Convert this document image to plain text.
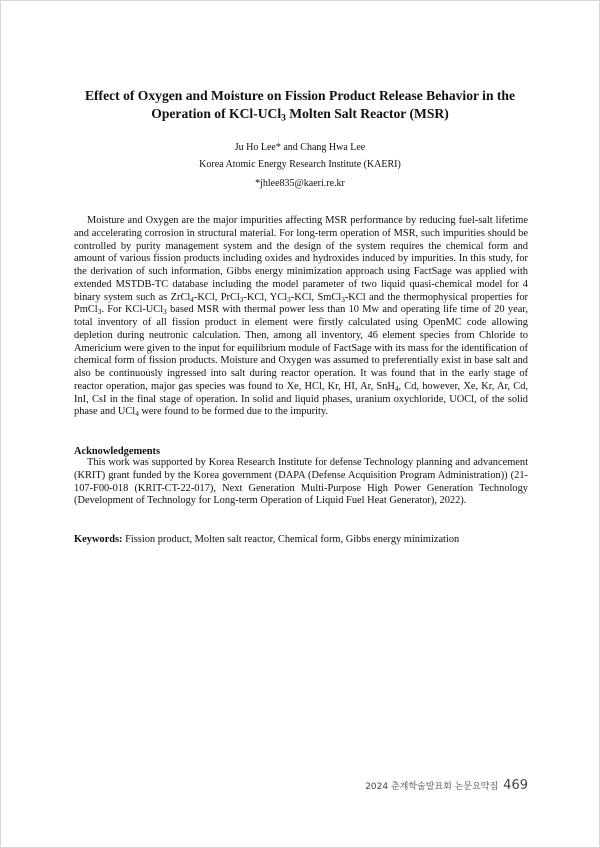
Effect of Oxygen and Moisture on Fission Product Release Behavior in the
Operation of KCl-UCl$_3$ Molten Salt Reactor (MSR)

Ju Ho Lee* and Chang Hwa Lee

Korea Atomic Energy Research Institute (KAERI)

*jhlee835@kaeri.re.kr

Moisture and Oxygen are the major impurities affecting MSR performance by reducing fuel-salt lifetime and accelerating corrosion in structural material. For long-term operation of MSR, such impurities should be controlled by purity management system and the design of the system requires the chemical form and amount of various fission products including oxides and hydroxides induced by impurities. In this study, for the derivation of such information, Gibbs energy minimization approach using FactSage was applied with extended MSTDB-TC database including the model parameter of two liquid quasi-chemical model for 4 binary system such as ZrCl$_4$-KCl, PrCl$_3$-KCl, YCl$_3$-KCl, SmCl$_3$-KCl and the thermophysical properties for PmCl$_3$. For KCl-UCl$_3$ based MSR with thermal power less than 10 Mw and operating life time of 20 year, total inventory of all fission product in element were firstly calculated using OpenMC code allowing depletion during neutronic calculation. Then, among all inventory, 46 element species from Chloride to Americium were given to the input for equilibrium module of FactSage with its mass for the identification of chemical form of fission products. Moisture and Oxygen was assumed to preferentially exist in base salt and also be continuously ingressed into salt during reactor operation. It was found that in the early stage of reactor operation, major gas species was found to Xe, HCl, Kr, HI, Ar, SnH$_4$, Cd, however, Xe, Kr, Ar, Cd, InI, CsI in the final stage of operation. In solid and liquid phases, uranium oxychloride, UOCl, of the solid phase and UCl$_4$ were found to be formed due to the impurity.

Acknowledgements

This work was supported by Korea Research Institute for defense Technology planning and advancement (KRIT) grant funded by the Korea government (DAPA (Defense Acquisition Program Administration)) (21-107-F00-018 (KRIT-CT-22-017), Next Generation Multi-Purpose High Power Generation Technology (Development of Technology for Long-term Operation of Liquid Fuel Heat Generator), 2022).

Keywords: Fission product, Molten salt reactor, Chemical form, Gibbs energy minimization

2024 춘계학술발표회 논문요약집 469
